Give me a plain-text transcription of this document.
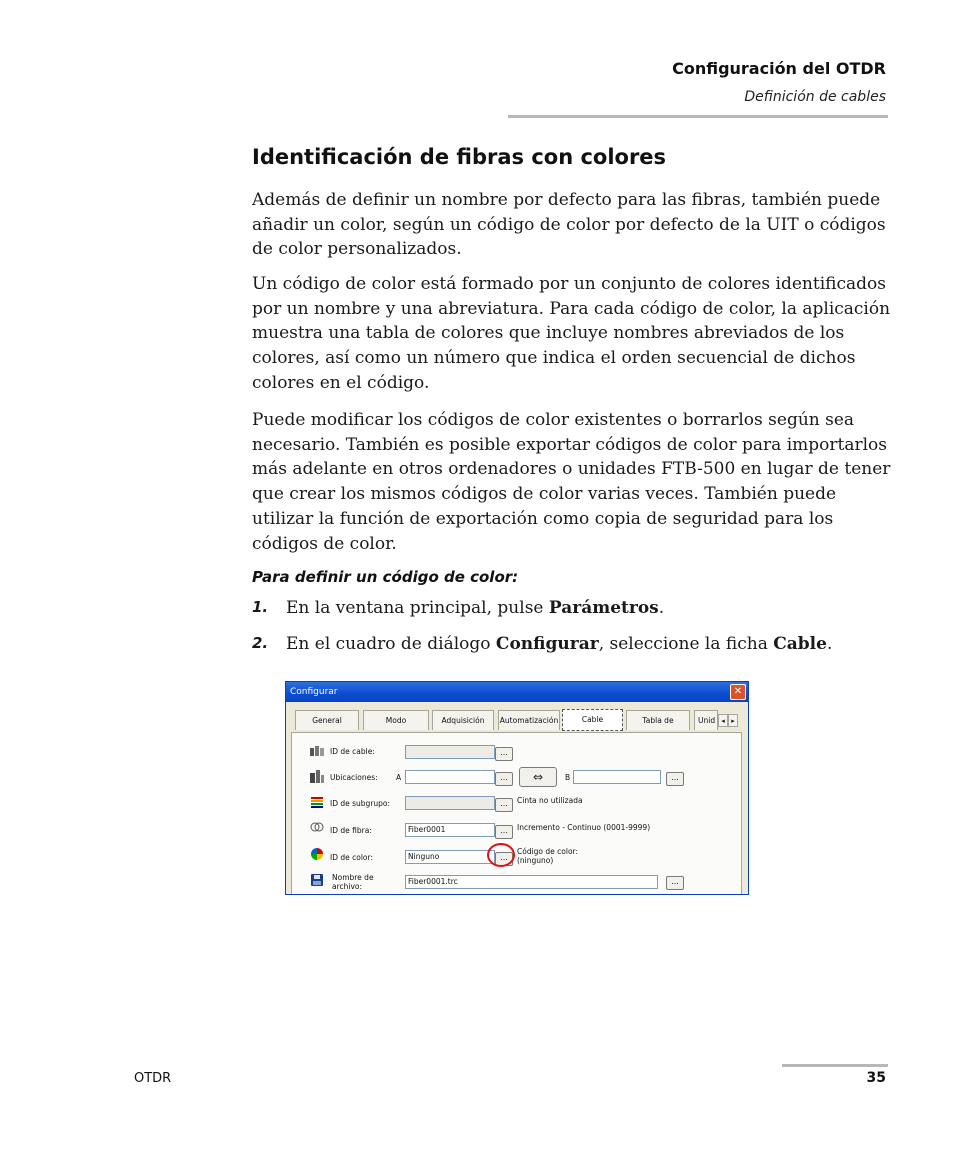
Configuración del OTDR
Definición de cables
Identificación de fibras con colores

Además de definir un nombre por defecto para las fibras, también puede añadir un color, según un código de color por defecto de la UIT o códigos de color personalizados.

Un código de color está formado por un conjunto de colores identificados por un nombre y una abreviatura. Para cada código de color, la aplicación muestra una tabla de colores que incluye nombres abreviados de los colores, así como un número que indica el orden secuencial de dichos colores en el código.

Puede modificar los códigos de color existentes o borrarlos según sea necesario. También es posible exportar códigos de color para importarlos más adelante en otros ordenadores o unidades FTB-500 en lugar de tener que crear los mismos códigos de color varias veces. También puede utilizar la función de exportación como copia de seguridad para los códigos de color.

Para definir un código de color:
1. En la ventana principal, pulse Parámetros.
2. En el cuadro de diálogo Configurar, seleccione la ficha Cable.
Configurar	✕
General	Modo	Adquisición	Automatización	Cable	Tabla de	Unid ◂ ▸
ID de cable:	...
Ubicaciones: A	...	⇔	B	...
ID de subgrupo:	...	Cinta no utilizada
ID de fibra:	Fiber0001	...	Incremento - Continuo (0001-9999)
ID de color:	Ninguno	...
Código de color:
(ninguno)
Nombre de
archivo:
Fiber0001.trc	...
OTDR	35
